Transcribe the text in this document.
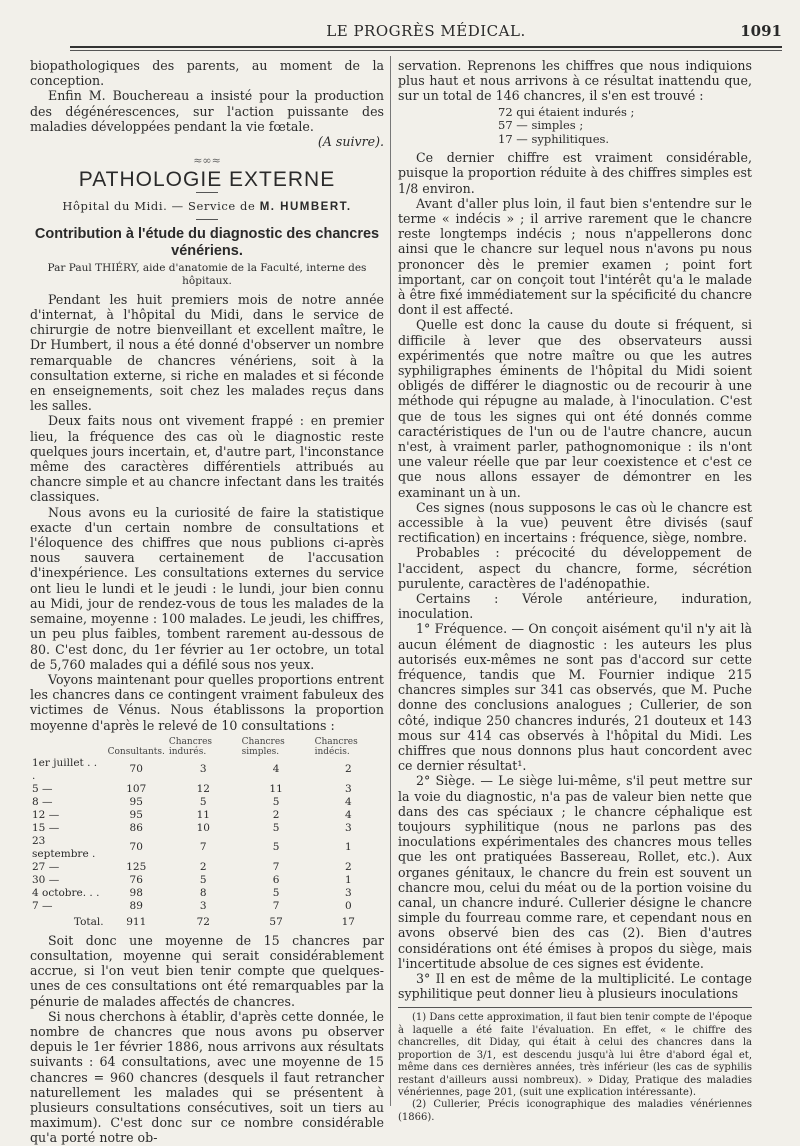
LE PROGRÈS MÉDICAL.	1091

biopathologiques des parents, au moment de la conception.

Enfin M. Bouchereau a insisté pour la production des dégénérescences, sur l'action puissante des maladies développées pendant la vie fœtale.

(A suivre).

≈∞≈
PATHOLOGIE EXTERNE
Hôpital du Midi. — Service de M. HUMBERT.
Contribution à l'étude du diagnostic des chancres vénériens.
Par Paul THIÉRY, aide d'anatomie de la Faculté, interne des hôpitaux.

Pendant les huit premiers mois de notre année d'internat, à l'hôpital du Midi, dans le service de chirurgie de notre bienveillant et excellent maître, le Dr Humbert, il nous a été donné d'observer un nombre remarquable de chancres vénériens, soit à la consultation externe, si riche en malades et si féconde en enseignements, soit chez les malades reçus dans les salles.

Deux faits nous ont vivement frappé : en premier lieu, la fréquence des cas où le diagnostic reste quelques jours incertain, et, d'autre part, l'inconstance même des caractères différentiels attribués au chancre simple et au chancre infectant dans les traités classiques.

Nous avons eu la curiosité de faire la statistique exacte d'un certain nombre de consultations et l'éloquence des chiffres que nous publions ci-après nous sauvera certainement de l'accusation d'inexpérience. Les consultations externes du service ont lieu le lundi et le jeudi : le lundi, jour bien connu au Midi, jour de rendez-vous de tous les malades de la semaine, moyenne : 100 malades. Le jeudi, les chiffres, un peu plus faibles, tombent rarement au-dessous de 80. C'est donc, du 1er février au 1er octobre, un total de 5,760 malades qui a défilé sous nos yeux.

Voyons maintenant pour quelles proportions entrent les chancres dans ce contingent vraiment fabuleux des victimes de Vénus. Nous établissons la proportion moyenne d'après le relevé de 10 consultations :

	Consultants.	Chancres indurés.	Chancres simples.	Chancres indécis.
1er juillet . . .	70	3	4	2
5 —	107	12	11	3
8 —	95	5	5	4
12 —	95	11	2	4
15 —	86	10	5	3
23 septembre .	70	7	5	1
27 —	125	2	7	2
30 —	76	5	6	1
4 octobre. . .	98	8	5	3
7 —	89	3	7	0
Total.	911	72	57	17

Soit donc une moyenne de 15 chancres par consultation, moyenne qui serait considérablement accrue, si l'on veut bien tenir compte que quelques-unes de ces consultations ont été remarquables par la pénurie de malades affectés de chancres.

Si nous cherchons à établir, d'après cette donnée, le nombre de chancres que nous avons pu observer depuis le 1er février 1886, nous arrivons aux résultats suivants : 64 consultations, avec une moyenne de 15 chancres = 960 chancres (desquels il faut retrancher naturellement les malades qui se présentent à plusieurs consultations consécutives, soit un tiers au maximum). C'est donc sur ce nombre considérable qu'a porté notre ob-

servation. Reprenons les chiffres que nous indiquions plus haut et nous arrivons à ce résultat inattendu que, sur un total de 146 chancres, il s'en est trouvé :

72 qui étaient indurés ;
57 — simples ;
17 — syphilitiques.

Ce dernier chiffre est vraiment considérable, puisque la proportion réduite à des chiffres simples est 1/8 environ.

Avant d'aller plus loin, il faut bien s'entendre sur le terme « indécis » ; il arrive rarement que le chancre reste longtemps indécis ; nous n'appellerons donc ainsi que le chancre sur lequel nous n'avons pu nous prononcer dès le premier examen ; point fort important, car on conçoit tout l'intérêt qu'a le malade à être fixé immédiatement sur la spécificité du chancre dont il est affecté.

Quelle est donc la cause du doute si fréquent, si difficile à lever que des observateurs aussi expérimentés que notre maître ou que les autres syphiligraphes éminents de l'hôpital du Midi soient obligés de différer le diagnostic ou de recourir à une méthode qui répugne au malade, à l'inoculation. C'est que de tous les signes qui ont été donnés comme caractéristiques de l'un ou de l'autre chancre, aucun n'est, à vraiment parler, pathognomonique : ils n'ont une valeur réelle que par leur coexistence et c'est ce que nous allons essayer de démontrer en les examinant un à un.

Ces signes (nous supposons le cas où le chancre est accessible à la vue) peuvent être divisés (sauf rectification) en incertains : fréquence, siège, nombre.

Probables : précocité du développement de l'accident, aspect du chancre, forme, sécrétion purulente, caractères de l'adénopathie.

Certains : Vérole antérieure, induration, inoculation.

1° Fréquence. — On conçoit aisément qu'il n'y ait là aucun élément de diagnostic : les auteurs les plus autorisés eux-mêmes ne sont pas d'accord sur cette fréquence, tandis que M. Fournier indique 215 chancres simples sur 341 cas observés, que M. Puche donne des conclusions analogues ; Cullerier, de son côté, indique 250 chancres indurés, 21 douteux et 143 mous sur 414 cas observés à l'hôpital du Midi. Les chiffres que nous donnons plus haut concordent avec ce dernier résultat¹.

2° Siège. — Le siège lui-même, s'il peut mettre sur la voie du diagnostic, n'a pas de valeur bien nette que dans des cas spéciaux ; le chancre céphalique est toujours syphilitique (nous ne parlons pas des inoculations expérimentales des chancres mous telles que les ont pratiquées Bassereau, Rollet, etc.). Aux organes génitaux, le chancre du frein est souvent un chancre mou, celui du méat ou de la portion voisine du canal, un chancre induré. Cullerier désigne le chancre simple du fourreau comme rare, et cependant nous en avons observé bien des cas (2). Bien d'autres considérations ont été émises à propos du siège, mais l'incertitude absolue de ces signes est évidente.

3° Il en est de même de la multiplicité. Le contage syphilitique peut donner lieu à plusieurs inoculations

(1) Dans cette approximation, il faut bien tenir compte de l'époque à laquelle a été faite l'évaluation. En effet, « le chiffre des chancrelles, dit Diday, qui était à celui des chancres dans la proportion de 3/1, est descendu jusqu'à lui être d'abord égal et, même dans ces dernières années, très inférieur (les cas de syphilis restant d'ailleurs aussi nombreux). » Diday, Pratique des maladies vénériennes, page 201, (suit une explication intéressante).

(2) Cullerier, Précis iconographique des maladies vénériennes (1866).
